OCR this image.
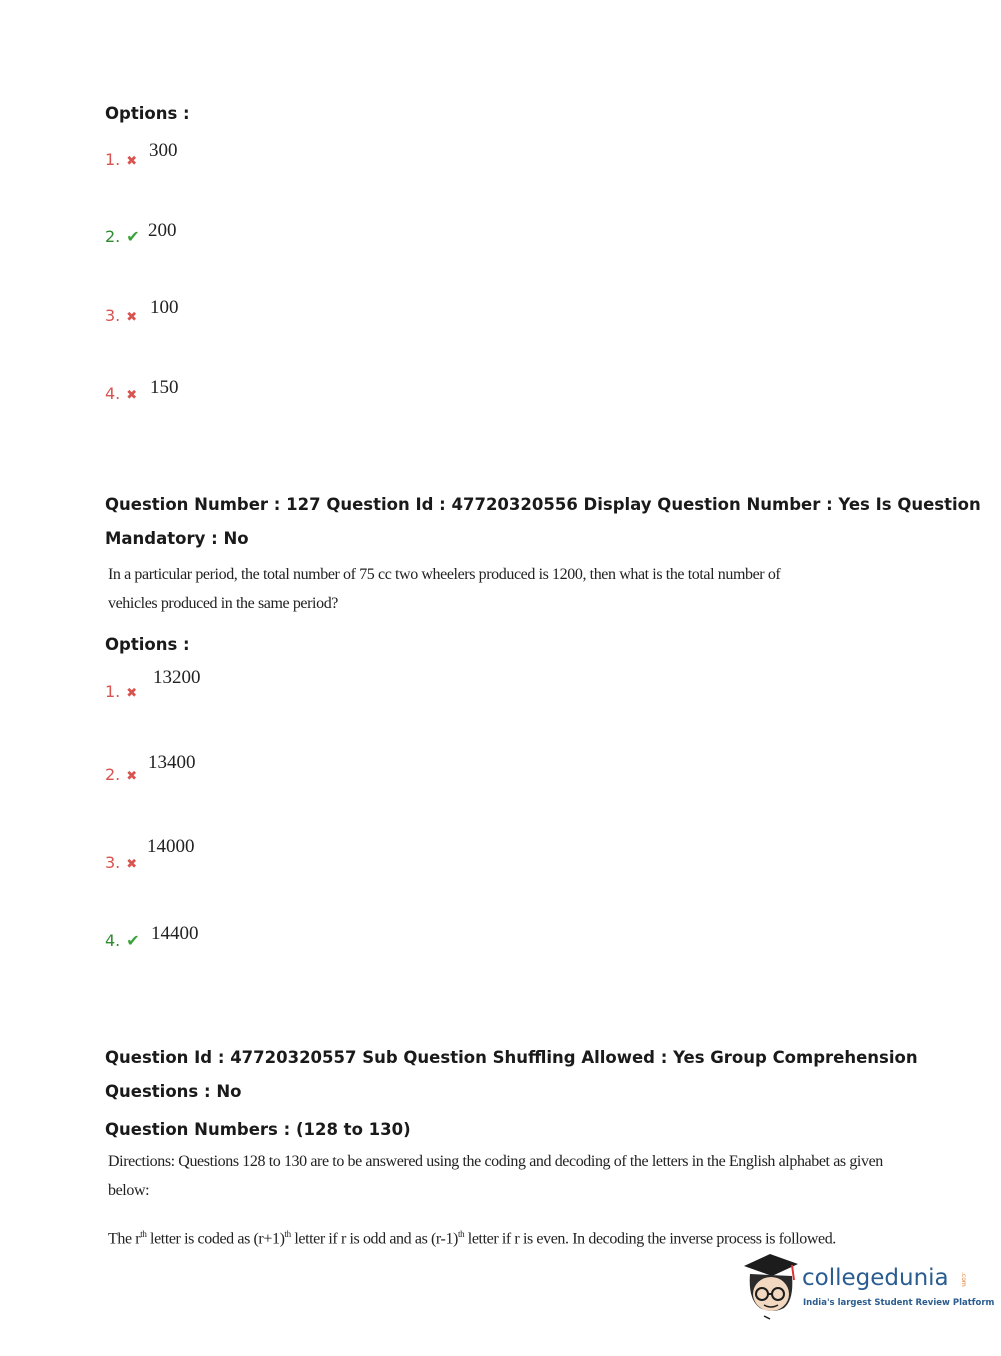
Options :
1. ✖
300
2. ✔ 200
3. ✖ 100
4. ✖ 150
Question Number : 127 Question Id : 47720320556 Display Question Number : Yes Is Question
Mandatory : No
In a particular period, the total number of 75 cc two wheelers produced is 1200, then what is the total number of
vehicles produced in the same period?
Options :
1. ✖
13200
2. ✖
13400
3. ✖
14000
4. ✔ 14400
Question Id : 47720320557 Sub Question Shuffling Allowed : Yes Group Comprehension
Questions : No
Question Numbers : (128 to 130)
Directions: Questions 128 to 130 are to be answered using the coding and decoding of the letters in the English alphabet as given
below:
The $r^{th}$ letter is coded as $(r+1)^{th}$ letter if r is odd and as $(r-1)^{th}$ letter if r is even. In decoding the inverse process is followed.
collegedunia .com
India's largest Student Review Platform
